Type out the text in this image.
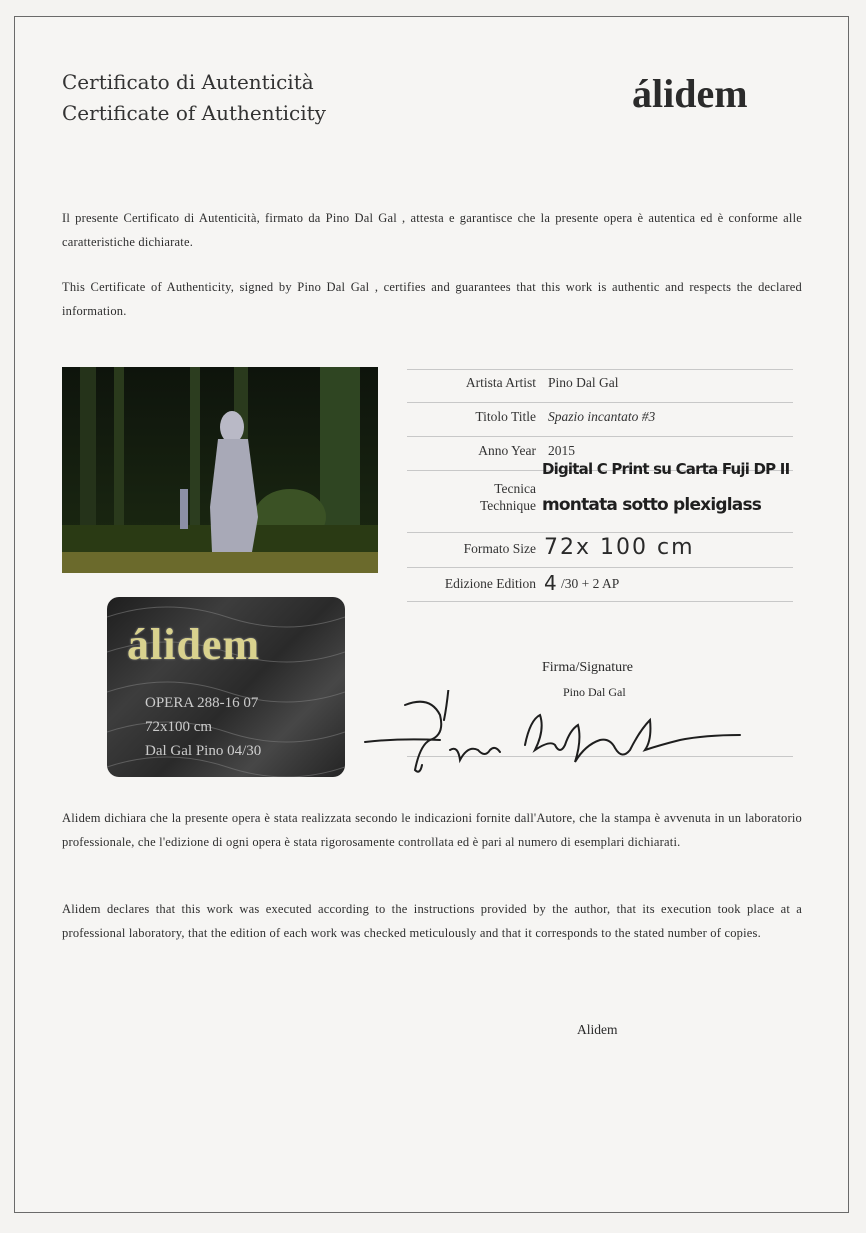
Certificato di Autenticità
Certificate of Authenticity	álidem
Il presente Certificato di Autenticità, firmato da Pino Dal Gal , attesta e garantisce che la presente opera è autentica ed è conforme alle caratteristiche dichiarate.
This Certificate of Authenticity, signed by Pino Dal Gal , certifies and guarantees that this work is authentic and respects the declared information.
álidem
OPERA 288-16 07
72x100 cm
Dal Gal Pino 04/30
Artista Artist Pino Dal Gal
Titolo Title Spazio incantato #3
Anno Year 2015
Tecnica
Technique
Digital C Print su Carta Fuji DP II
montata sotto plexiglass
Formato Size 72x 100 cm
Edizione Edition 4 /30 + 2 AP
Firma/Signature
Pino Dal Gal
Alidem dichiara che la presente opera è stata realizzata secondo le indicazioni fornite dall'Autore, che la stampa è avvenuta in un laboratorio professionale, che l'edizione di ogni opera è stata rigorosamente controllata ed è pari al numero di esemplari dichiarati.
Alidem declares that this work was executed according to the instructions provided by the author, that its execution took place at a professional laboratory, that the edition of each work was checked meticulously and that it corresponds to the stated number of copies.
Alidem
